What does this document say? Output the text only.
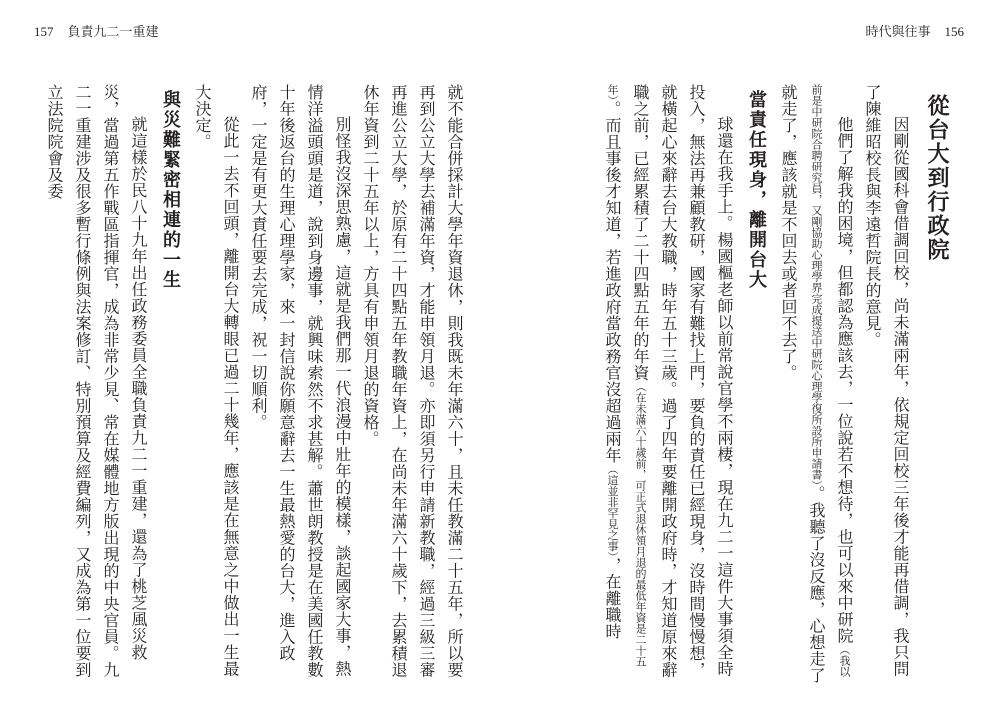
157 負責九二一重建	時代與往事 156
從台大到行政院

因剛從國科會借調回校，尚未滿兩年，依規定回校三年後才能再借調，我只問了陳維昭校長與李遠哲院長的意見。

他們了解我的困境，但都認為應該去，一位說若不想待，也可以來中研院（我以前是中研院合聘研究員，又剛協助心理學界完成提送中研院心理學復所設所申請書）。我聽了沒反應，心想走了就走了，應該就是不回去或者回不去了。

當責任現身，離開台大

球還在我手上。楊國樞老師以前常說官學不兩棲，現在九二一這件大事須全時投入，無法再兼顧教研，國家有難找上門，要負的責任已經現身，沒時間慢慢想，就橫起心來辭去台大教職，時年五十三歲。過了四年要離開政府時，才知道原來辭職之前，已經累積了二十四點五年的年資（在未滿六十歲前，可正式退休領月退的最低年資是二十五年）。而且事後才知道，若進政府當政務官沒超過兩年（這並非罕見之事），在離職時

就不能合併採計大學年資退休，則我既未年滿六十，且未任教滿二十五年，所以要再到公立大學去補滿年資，才能申領月退。亦即須另行申請新教職，經過三級三審再進公立大學，於原有二十四點五年教職年資上，在尚未年滿六十歲下，去累積退休年資到二十五年以上，方具有申領月退的資格。

別怪我沒深思熟慮，這就是我們那一代浪漫中壯年的模樣，談起國家大事，熱情洋溢頭頭是道，說到身邊事，就興味索然不求甚解。蕭世朗教授是在美國任教數十年後返台的生理心理學家，來一封信說你願意辭去一生最熱愛的台大，進入政府，一定是有更大責任要去完成，祝一切順利。

從此一去不回頭，離開台大轉眼已過二十幾年，應該是在無意之中做出一生最大決定。

與災難緊密相連的一生

就這樣於民八十九年出任政務委員全職負責九二一重建，還為了桃芝風災救災，當過第五作戰區指揮官，成為非常少見、常在媒體地方版出現的中央官員。九二一重建涉及很多暫行條例與法案修訂、特別預算及經費編列，又成為第一位要到立法院院會及委
